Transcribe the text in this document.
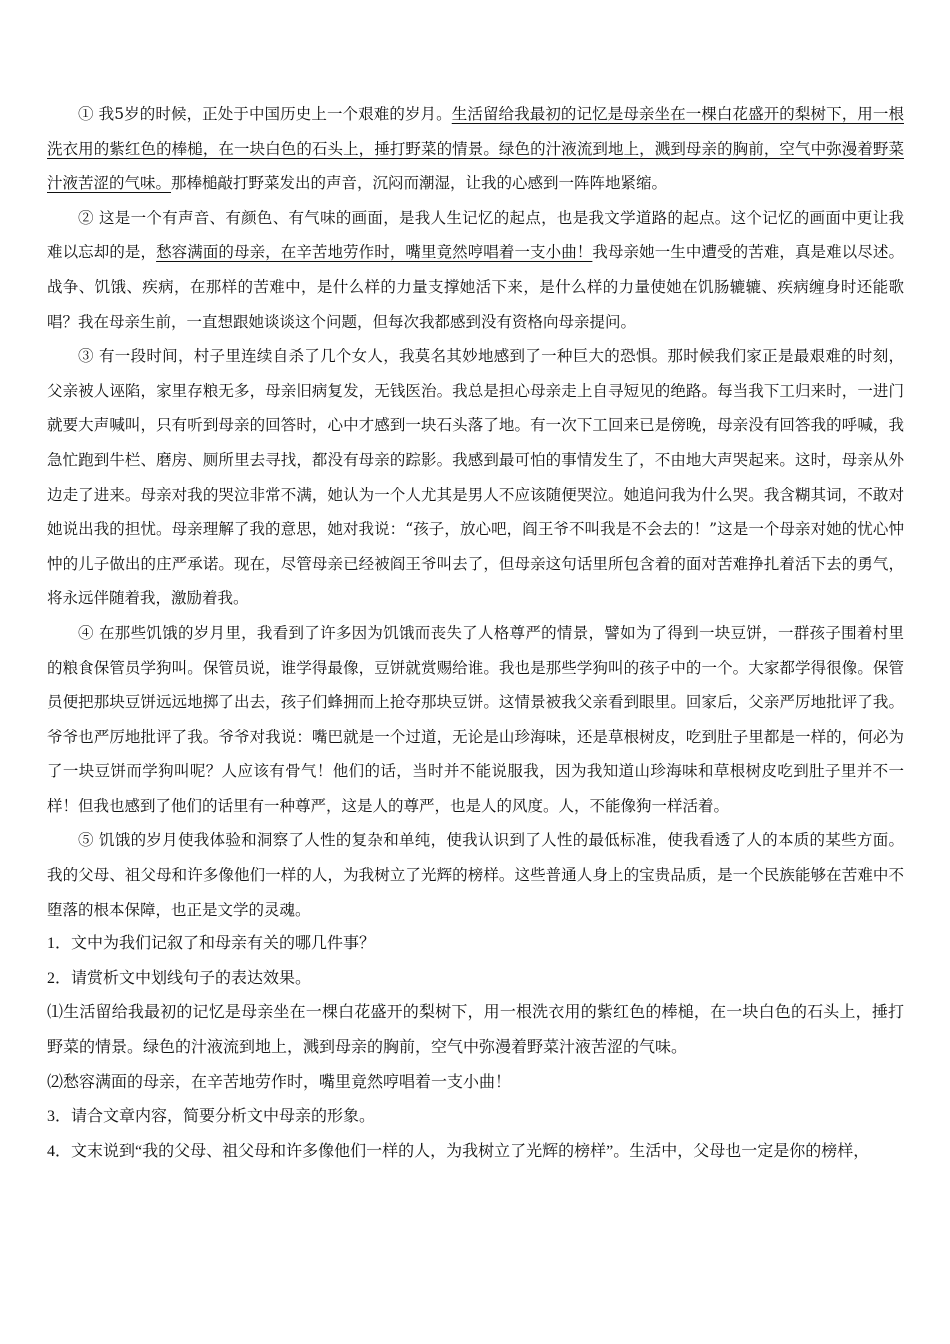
① 我5岁的时候，正处于中国历史上一个艰难的岁月。生活留给我最初的记忆是母亲坐在一棵白花盛开的梨树下，用一根洗衣用的紫红色的棒槌，在一块白色的石头上，捶打野菜的情景。绿色的汁液流到地上，溅到母亲的胸前，空气中弥漫着野菜汁液苦涩的气味。那棒槌敲打野菜发出的声音，沉闷而潮湿，让我的心感到一阵阵地紧缩。

② 这是一个有声音、有颜色、有气味的画面，是我人生记忆的起点，也是我文学道路的起点。这个记忆的画面中更让我难以忘却的是，愁容满面的母亲，在辛苦地劳作时，嘴里竟然哼唱着一支小曲！我母亲她一生中遭受的苦难，真是难以尽述。战争、饥饿、疾病，在那样的苦难中，是什么样的力量支撑她活下来，是什么样的力量使她在饥肠辘辘、疾病缠身时还能歌唱？我在母亲生前，一直想跟她谈谈这个问题，但每次我都感到没有资格向母亲提问。

③ 有一段时间，村子里连续自杀了几个女人，我莫名其妙地感到了一种巨大的恐惧。那时候我们家正是最艰难的时刻，父亲被人诬陷，家里存粮无多，母亲旧病复发，无钱医治。我总是担心母亲走上自寻短见的绝路。每当我下工归来时，一进门就要大声喊叫，只有听到母亲的回答时，心中才感到一块石头落了地。有一次下工回来已是傍晚，母亲没有回答我的呼喊，我急忙跑到牛栏、磨房、厕所里去寻找，都没有母亲的踪影。我感到最可怕的事情发生了，不由地大声哭起来。这时，母亲从外边走了进来。母亲对我的哭泣非常不满，她认为一个人尤其是男人不应该随便哭泣。她追问我为什么哭。我含糊其词，不敢对她说出我的担忧。母亲理解了我的意思，她对我说：“孩子，放心吧，阎王爷不叫我是不会去的！”这是一个母亲对她的忧心忡忡的儿子做出的庄严承诺。现在，尽管母亲已经被阎王爷叫去了，但母亲这句话里所包含着的面对苦难挣扎着活下去的勇气，将永远伴随着我，激励着我。

④ 在那些饥饿的岁月里，我看到了许多因为饥饿而丧失了人格尊严的情景，譬如为了得到一块豆饼，一群孩子围着村里的粮食保管员学狗叫。保管员说，谁学得最像，豆饼就赏赐给谁。我也是那些学狗叫的孩子中的一个。大家都学得很像。保管员便把那块豆饼远远地掷了出去，孩子们蜂拥而上抢夺那块豆饼。这情景被我父亲看到眼里。回家后，父亲严厉地批评了我。爷爷也严厉地批评了我。爷爷对我说：嘴巴就是一个过道，无论是山珍海味，还是草根树皮，吃到肚子里都是一样的，何必为了一块豆饼而学狗叫呢？人应该有骨气！他们的话，当时并不能说服我，因为我知道山珍海味和草根树皮吃到肚子里并不一样！但我也感到了他们的话里有一种尊严，这是人的尊严，也是人的风度。人，不能像狗一样活着。

⑤ 饥饿的岁月使我体验和洞察了人性的复杂和单纯，使我认识到了人性的最低标准，使我看透了人的本质的某些方面。我的父母、祖父母和许多像他们一样的人，为我树立了光辉的榜样。这些普通人身上的宝贵品质，是一个民族能够在苦难中不堕落的根本保障，也正是文学的灵魂。

1．文中为我们记叙了和母亲有关的哪几件事？

2．请赏析文中划线句子的表达效果。

⑴生活留给我最初的记忆是母亲坐在一棵白花盛开的梨树下，用一根洗衣用的紫红色的棒槌，在一块白色的石头上，捶打野菜的情景。绿色的汁液流到地上，溅到母亲的胸前，空气中弥漫着野菜汁液苦涩的气味。

⑵愁容满面的母亲，在辛苦地劳作时，嘴里竟然哼唱着一支小曲！

3．请合文章内容，简要分析文中母亲的形象。

4．文末说到“我的父母、祖父母和许多像他们一样的人，为我树立了光辉的榜样”。生活中，父母也一定是你的榜样，
